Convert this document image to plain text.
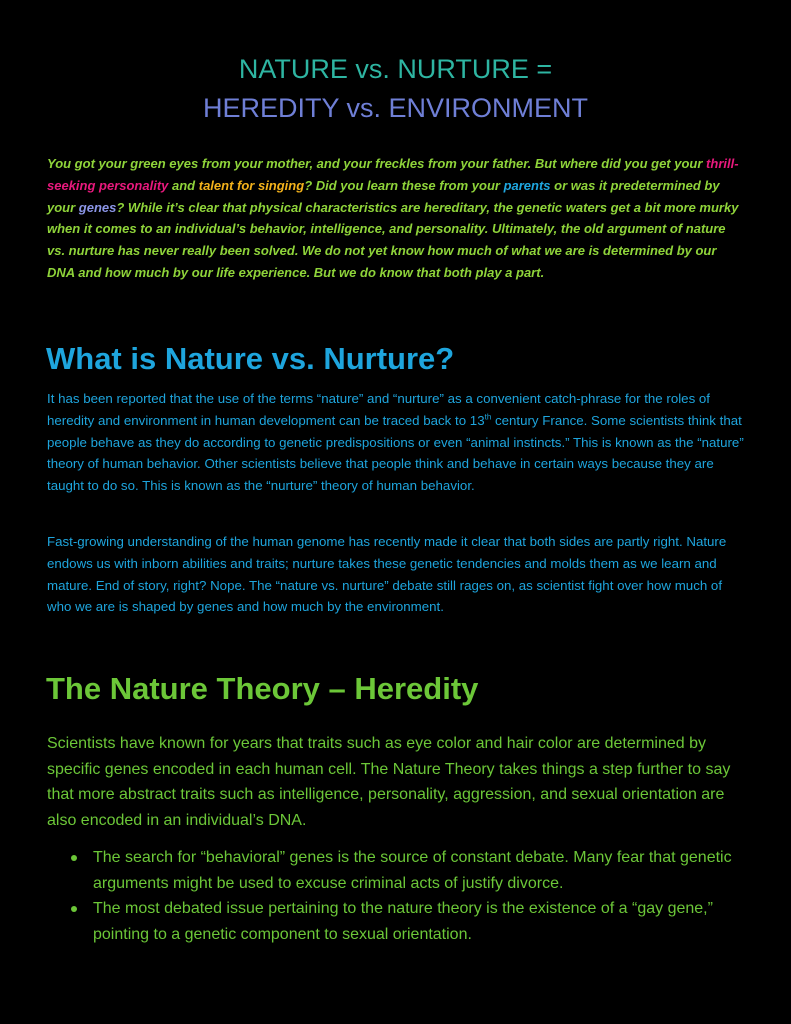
NATURE vs. NURTURE =
HEREDITY vs. ENVIRONMENT

You got your green eyes from your mother, and your freckles from your father. But where did you get your thrill-seeking personality and talent for singing? Did you learn these from your parents or was it predetermined by your genes? While it’s clear that physical characteristics are hereditary, the genetic waters get a bit more murky when it comes to an individual’s behavior, intelligence, and personality. Ultimately, the old argument of nature vs. nurture has never really been solved. We do not yet know how much of what we are is determined by our DNA and how much by our life experience. But we do know that both play a part.

What is Nature vs. Nurture?

It has been reported that the use of the terms “nature” and “nurture” as a convenient catch-phrase for the roles of heredity and environment in human development can be traced back to 13th century France. Some scientists think that people behave as they do according to genetic predispositions or even “animal instincts.” This is known as the “nature” theory of human behavior. Other scientists believe that people think and behave in certain ways because they are taught to do so. This is known as the “nurture” theory of human behavior.

Fast-growing understanding of the human genome has recently made it clear that both sides are partly right. Nature endows us with inborn abilities and traits; nurture takes these genetic tendencies and molds them as we learn and mature. End of story, right? Nope. The “nature vs. nurture” debate still rages on, as scientist fight over how much of who we are is shaped by genes and how much by the environment.

The Nature Theory – Heredity

Scientists have known for years that traits such as eye color and hair color are determined by specific genes encoded in each human cell. The Nature Theory takes things a step further to say that more abstract traits such as intelligence, personality, aggression, and sexual orientation are also encoded in an individual’s DNA.

The search for “behavioral” genes is the source of constant debate. Many fear that genetic arguments might be used to excuse criminal acts of justify divorce.
The most debated issue pertaining to the nature theory is the existence of a “gay gene,” pointing to a genetic component to sexual orientation.
